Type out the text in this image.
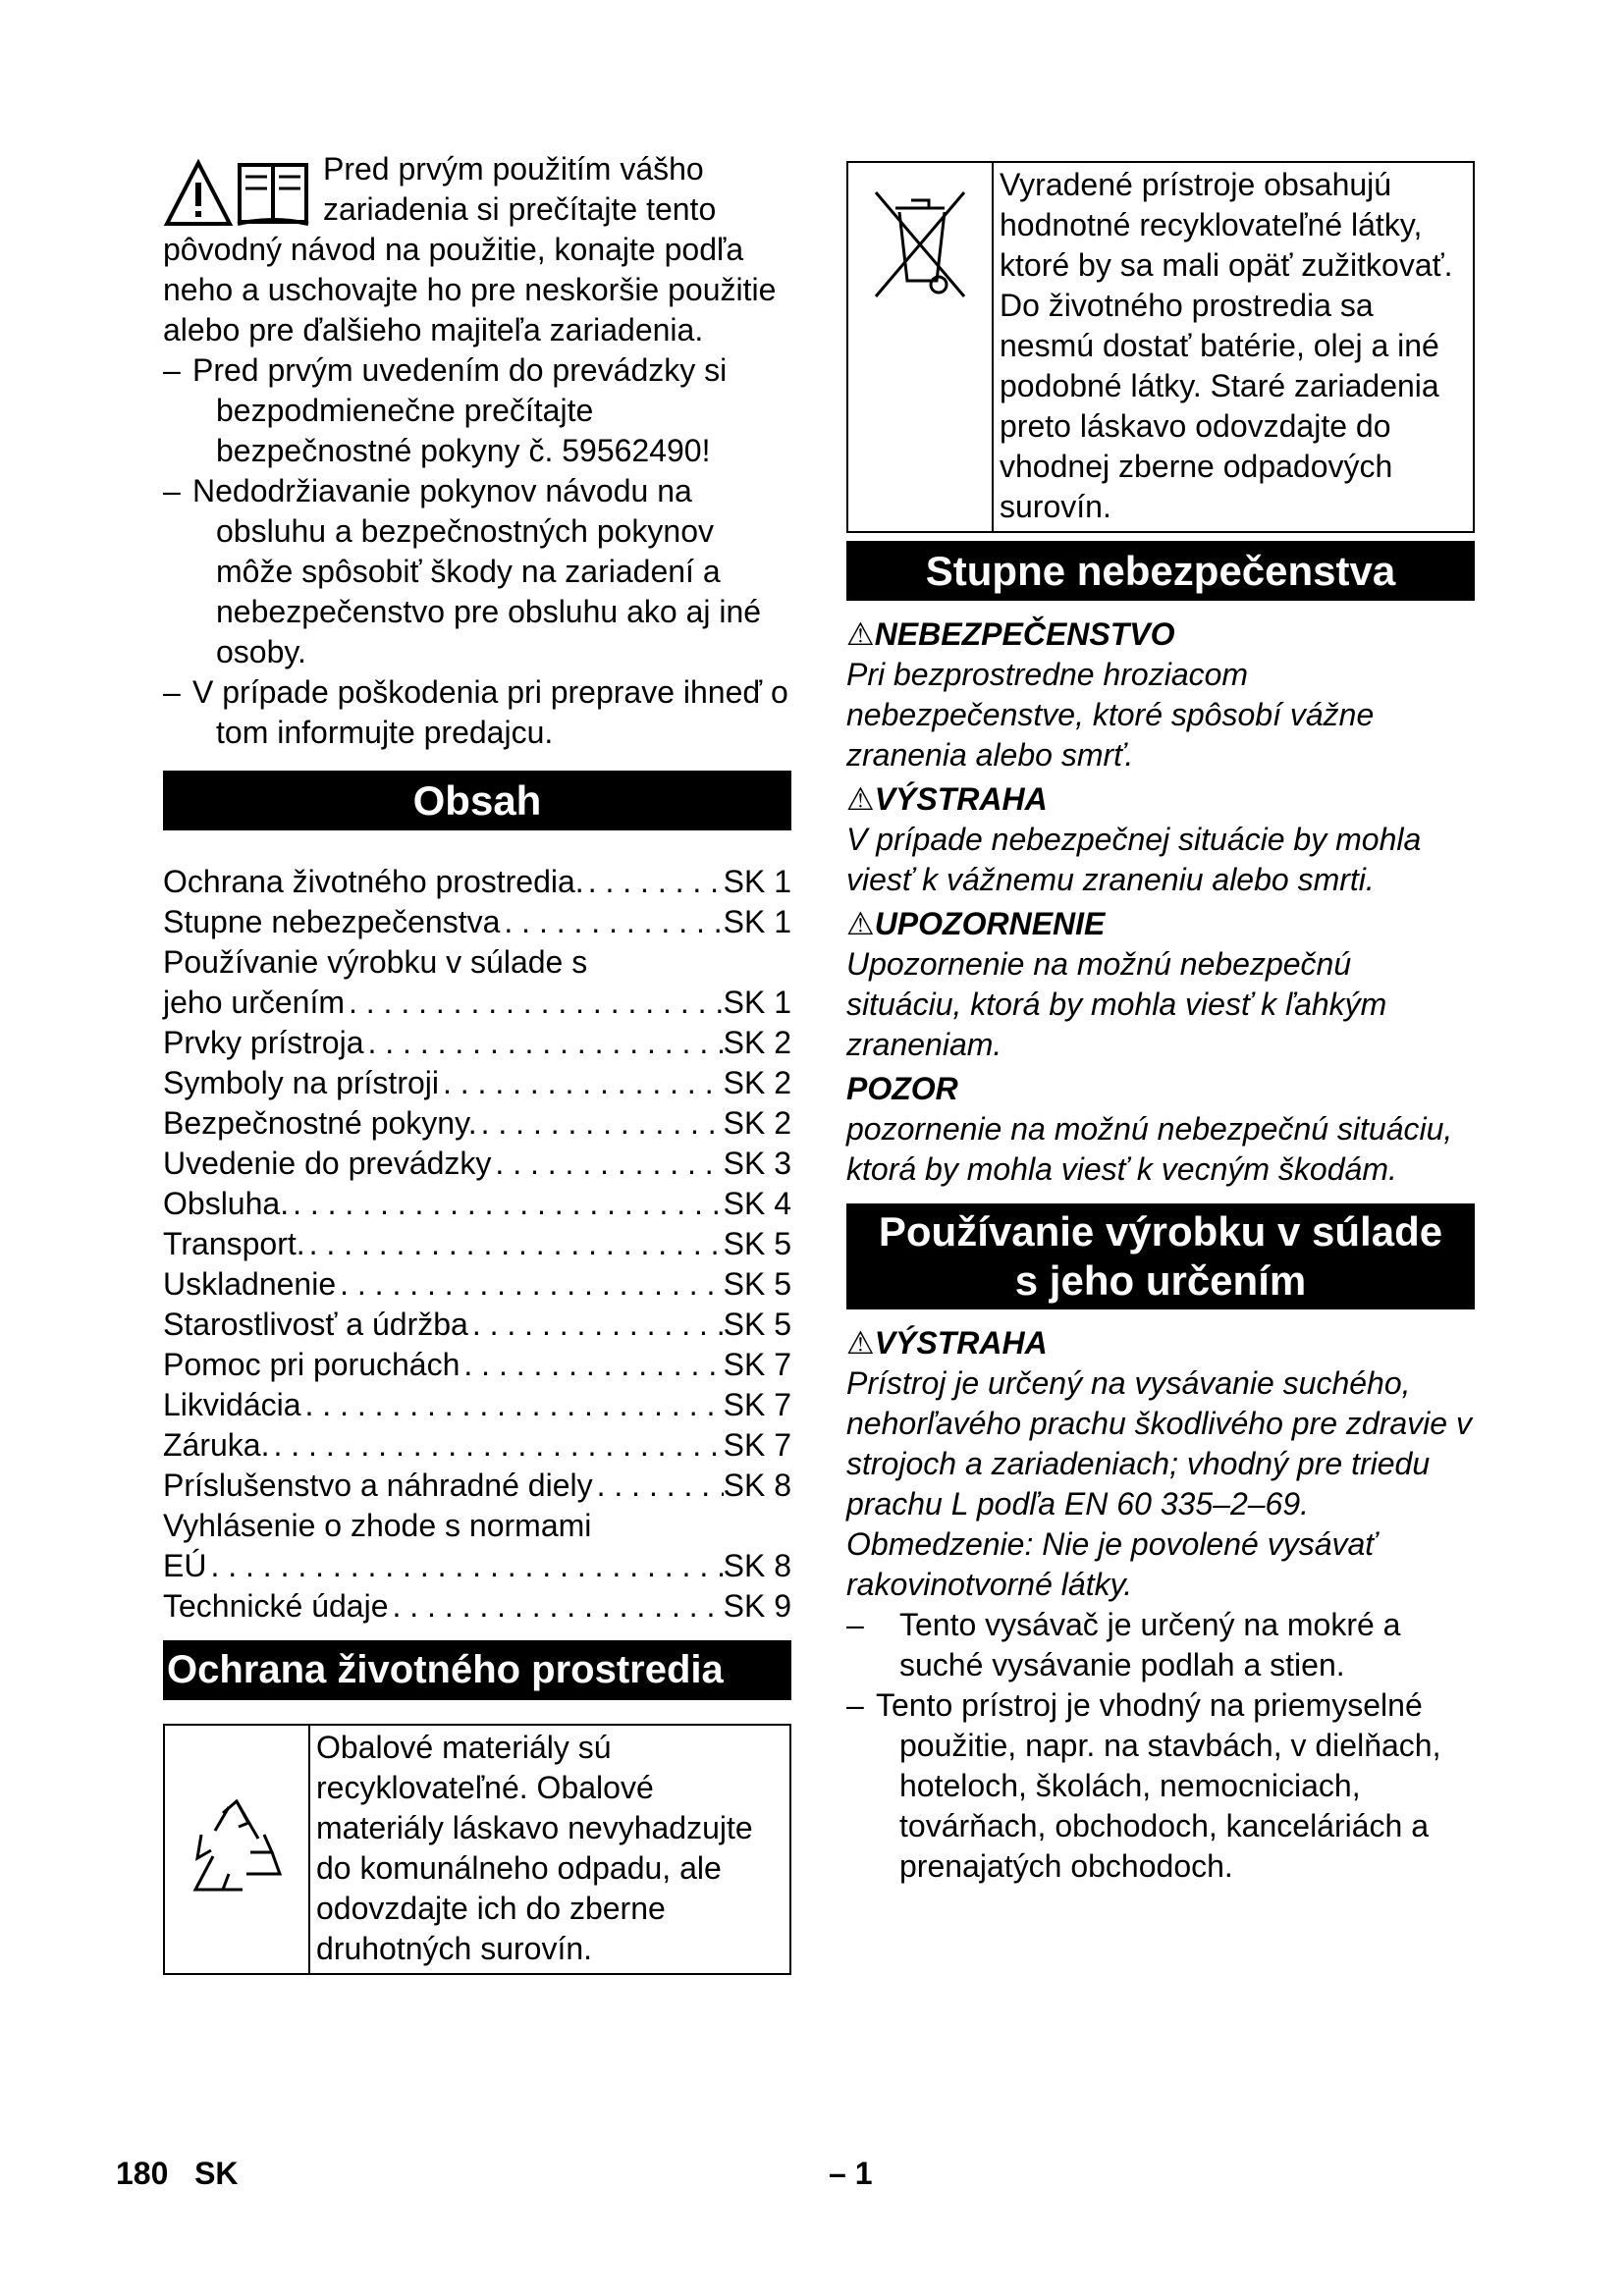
Pred prvým použitím vášho zariadenia si prečítajte tento pôvodný návod na použitie, konajte podľa neho a uschovajte ho pre neskoršie použitie alebo pre ďalšieho majiteľa zariadenia.

– Pred prvým uvedením do prevádzky si bezpodmienečne prečítajte bezpečnostné pokyny č. 59562490!

– Nedodržiavanie pokynov návodu na obsluhu a bezpečnostných pokynov môže spôsobiť škody na zariadení a nebezpečenstvo pre obsluhu ako aj iné osoby.

– V prípade poškodenia pri preprave ihneď o tom informujte predajcu.

Obsah
Ochrana životného prostredia. . . .	SK 1
Stupne nebezpečenstva . . .	SK 1
Používanie výrobku v súlade s
jeho určením . . .	SK 1
Prvky prístroja . . .	SK 2
Symboly na prístroji . . .	SK 2
Bezpečnostné pokyny. . . .	SK 2
Uvedenie do prevádzky . . .	SK 3
Obsluha. . . .	SK 4
Transport. . . .	SK 5
Uskladnenie . . .	SK 5
Starostlivosť a údržba . . .	SK 5
Pomoc pri poruchách . . .	SK 7
Likvidácia . . .	SK 7
Záruka. . . .	SK 7
Príslušenstvo a náhradné diely . . .	SK 8
Vyhlásenie o zhode s normami
EÚ . . .	SK 8
Technické údaje . . .	SK 9
Ochrana životného prostredia
Obalové materiály sú recyklovateľné. Obalové materiály láskavo nevyhadzujte do komunálneho odpadu, ale odovzdajte ich do zberne druhotných surovín.
Vyradené prístroje obsahujú hodnotné recyklovateľné látky, ktoré by sa mali opäť zužitkovať. Do životného prostredia sa nesmú dostať batérie, olej a iné podobné látky. Staré zariadenia preto láskavo odovzdajte do vhodnej zberne odpadových surovín.
Stupne nebezpečenstva

⚠NEBEZPEČENSTVO

Pri bezprostredne hroziacom nebezpečenstve, ktoré spôsobí vážne zranenia alebo smrť.

⚠VÝSTRAHA

V prípade nebezpečnej situácie by mohla viesť k vážnemu zraneniu alebo smrti.

⚠UPOZORNENIE

Upozornenie na možnú nebezpečnú situáciu, ktorá by mohla viesť k ľahkým zraneniam.

POZOR

pozornenie na možnú nebezpečnú situáciu, ktorá by mohla viesť k vecným škodám.

Používanie výrobku v súlade
s jeho určením

⚠VÝSTRAHA

Prístroj je určený na vysávanie suchého, nehorľavého prachu škodlivého pre zdravie v strojoch a zariadeniach; vhodný pre triedu prachu L podľa EN 60 335–2–69. Obmedzenie: Nie je povolené vysávať rakovinotvorné látky.

– Tento vysávač je určený na mokré a suché vysávanie podlah a stien.

– Tento prístroj je vhodný na priemyselné použitie, napr. na stavbách, v dielňach, hoteloch, školách, nemocniciach, továrňach, obchodoch, kanceláriách a prenajatých obchodoch.

180 SK	– 1
